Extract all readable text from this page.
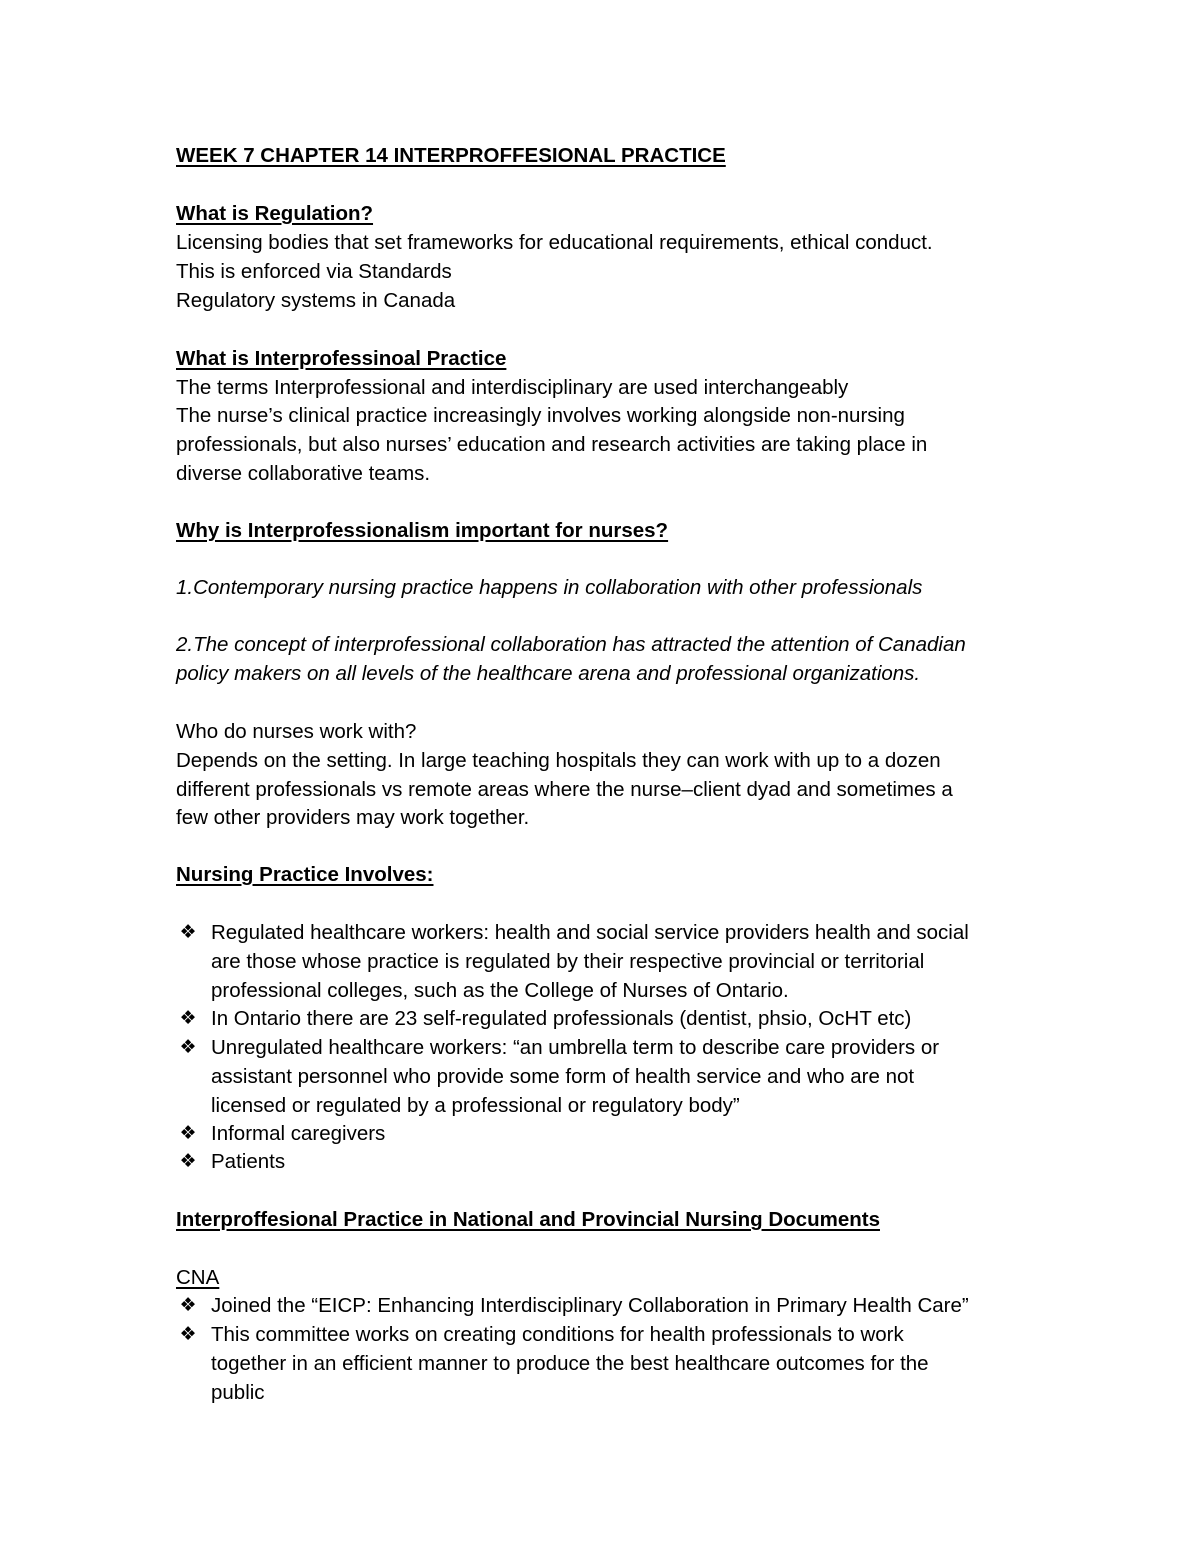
WEEK 7 CHAPTER 14 INTERPROFFESIONAL PRACTICE
What is Regulation?
Licensing bodies that set frameworks for educational requirements, ethical conduct.
This is enforced via Standards
Regulatory systems in Canada
What is Interprofessinoal Practice
The terms Interprofessional and interdisciplinary are used interchangeably
The nurse’s clinical practice increasingly involves working alongside non-nursing
professionals, but also nurses’ education and research activities are taking place in
diverse collaborative teams.
Why is Interprofessionalism important for nurses?
1.Contemporary nursing practice happens in collaboration with other professionals
2.The concept of interprofessional collaboration has attracted the attention of Canadian
policy makers on all levels of the healthcare arena and professional organizations.
Who do nurses work with?
Depends on the setting. In large teaching hospitals they can work with up to a dozen
different professionals vs remote areas where the nurse–client dyad and sometimes a
few other providers may work together.
Nursing Practice Involves:
❖ Regulated healthcare workers: health and social service providers health and social
are those whose practice is regulated by their respective provincial or territorial
professional colleges, such as the College of Nurses of Ontario.
❖ In Ontario there are 23 self-regulated professionals (dentist, phsio, OcHT etc)
❖ Unregulated healthcare workers: “an umbrella term to describe care providers or
assistant personnel who provide some form of health service and who are not
licensed or regulated by a professional or regulatory body”
❖ Informal caregivers
❖ Patients
Interproffesional Practice in National and Provincial Nursing Documents
CNA
❖ Joined the “EICP: Enhancing Interdisciplinary Collaboration in Primary Health Care”
❖ This committee works on creating conditions for health professionals to work
together in an efficient manner to produce the best healthcare outcomes for the
public
